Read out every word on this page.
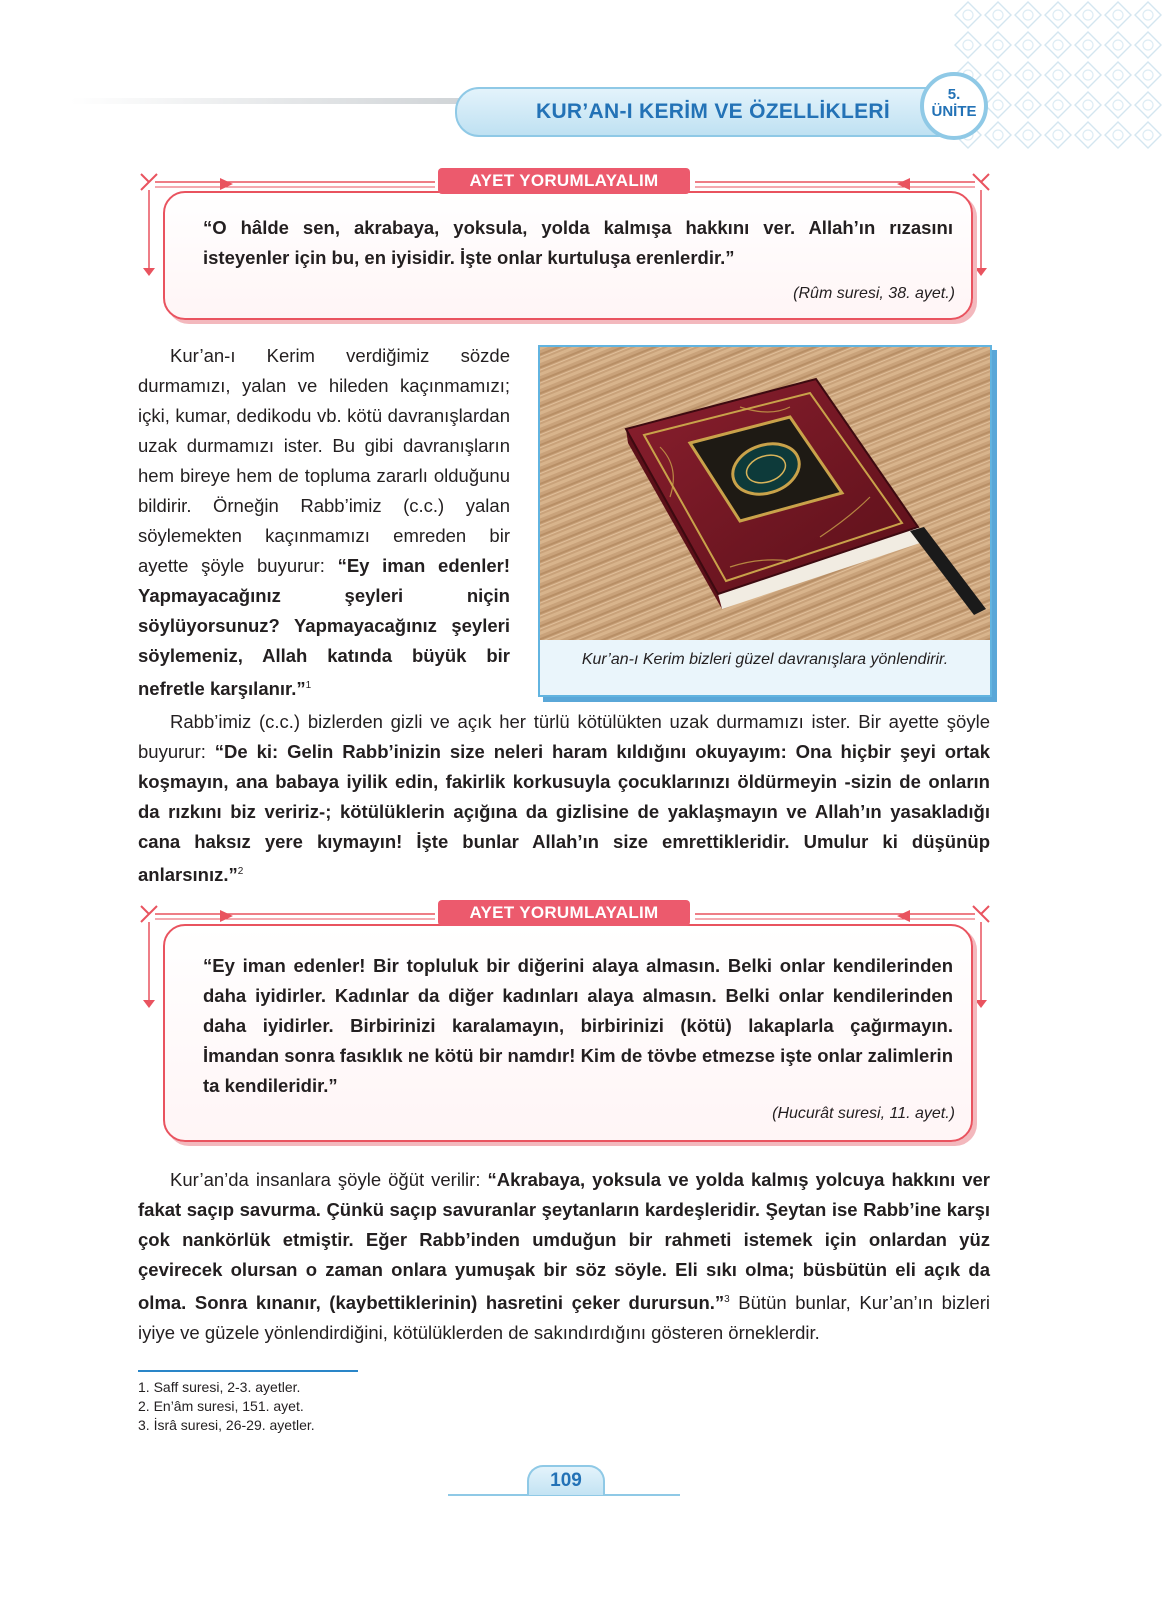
KUR’AN-I KERİM VE ÖZELLİKLERİ
5.
ÜNİTE
AYET YORUMLAYALIM
“O hâlde sen, akrabaya, yoksula, yolda kalmışa hakkını ver. Allah’ın rızasını isteyenler için bu, en iyisidir. İşte onlar kurtuluşa erenlerdir.”
(Rûm suresi, 38. ayet.)
Kur’an-ı Kerim verdiğimiz sözde durmamızı, yalan ve hileden kaçınmamızı; içki, kumar, dedikodu vb. kötü davranışlardan uzak durmamızı ister. Bu gibi davranışların hem bireye hem de topluma zararlı olduğunu bildirir. Örneğin Rabb’imiz (c.c.) yalan söylemekten kaçınmamızı emreden bir ayette şöyle buyurur: “Ey iman edenler! Yapmayacağınız şeyleri niçin söylüyorsunuz? Yapmayacağınız şeyleri söylemeniz, Allah katında büyük bir nefretle karşılanır.”$^1$
Kur’an-ı Kerim bizleri güzel davranışlara yönlendirir.
Rabb’imiz (c.c.) bizlerden gizli ve açık her türlü kötülükten uzak durmamızı ister. Bir ayette şöyle buyurur: “De ki: Gelin Rabb’inizin size neleri haram kıldığını okuyayım: Ona hiçbir şeyi ortak koşmayın, ana babaya iyilik edin, fakirlik korkusuyla çocuklarınızı öldürmeyin -sizin de onların da rızkını biz veririz-; kötülüklerin açığına da gizlisine de yaklaşmayın ve Allah’ın yasakladığı cana haksız yere kıymayın! İşte bunlar Allah’ın size emrettikleridir. Umulur ki düşünüp anlarsınız.”$^2$
AYET YORUMLAYALIM
“Ey iman edenler! Bir topluluk bir diğerini alaya almasın. Belki onlar kendilerinden daha iyidirler. Kadınlar da diğer kadınları alaya almasın. Belki onlar kendilerinden daha iyidirler. Birbirinizi karalamayın, birbirinizi (kötü) lakaplarla çağırmayın. İmandan sonra fasıklık ne kötü bir namdır! Kim de tövbe etmezse işte onlar zalimlerin ta kendileridir.”
(Hucurât suresi, 11. ayet.)
Kur’an’da insanlara şöyle öğüt verilir: “Akrabaya, yoksula ve yolda kalmış yolcuya hakkını ver fakat saçıp savurma. Çünkü saçıp savuranlar şeytanların kardeşleridir. Şeytan ise Rabb’ine karşı çok nankörlük etmiştir. Eğer Rabb’inden umduğun bir rahmeti istemek için onlardan yüz çevirecek olursan o zaman onlara yumuşak bir söz söyle. Eli sıkı olma; büsbütün eli açık da olma. Sonra kınanır, (kaybettiklerinin) hasretini çeker durursun.”$^3$ Bütün bunlar, Kur’an’ın bizleri iyiye ve güzele yönlendirdiğini, kötülüklerden de sakındırdığını gösteren örneklerdir.
1. Saff suresi, 2-3. ayetler.
2. En’âm suresi, 151. ayet.
3. İsrâ suresi, 26-29. ayetler.
109
